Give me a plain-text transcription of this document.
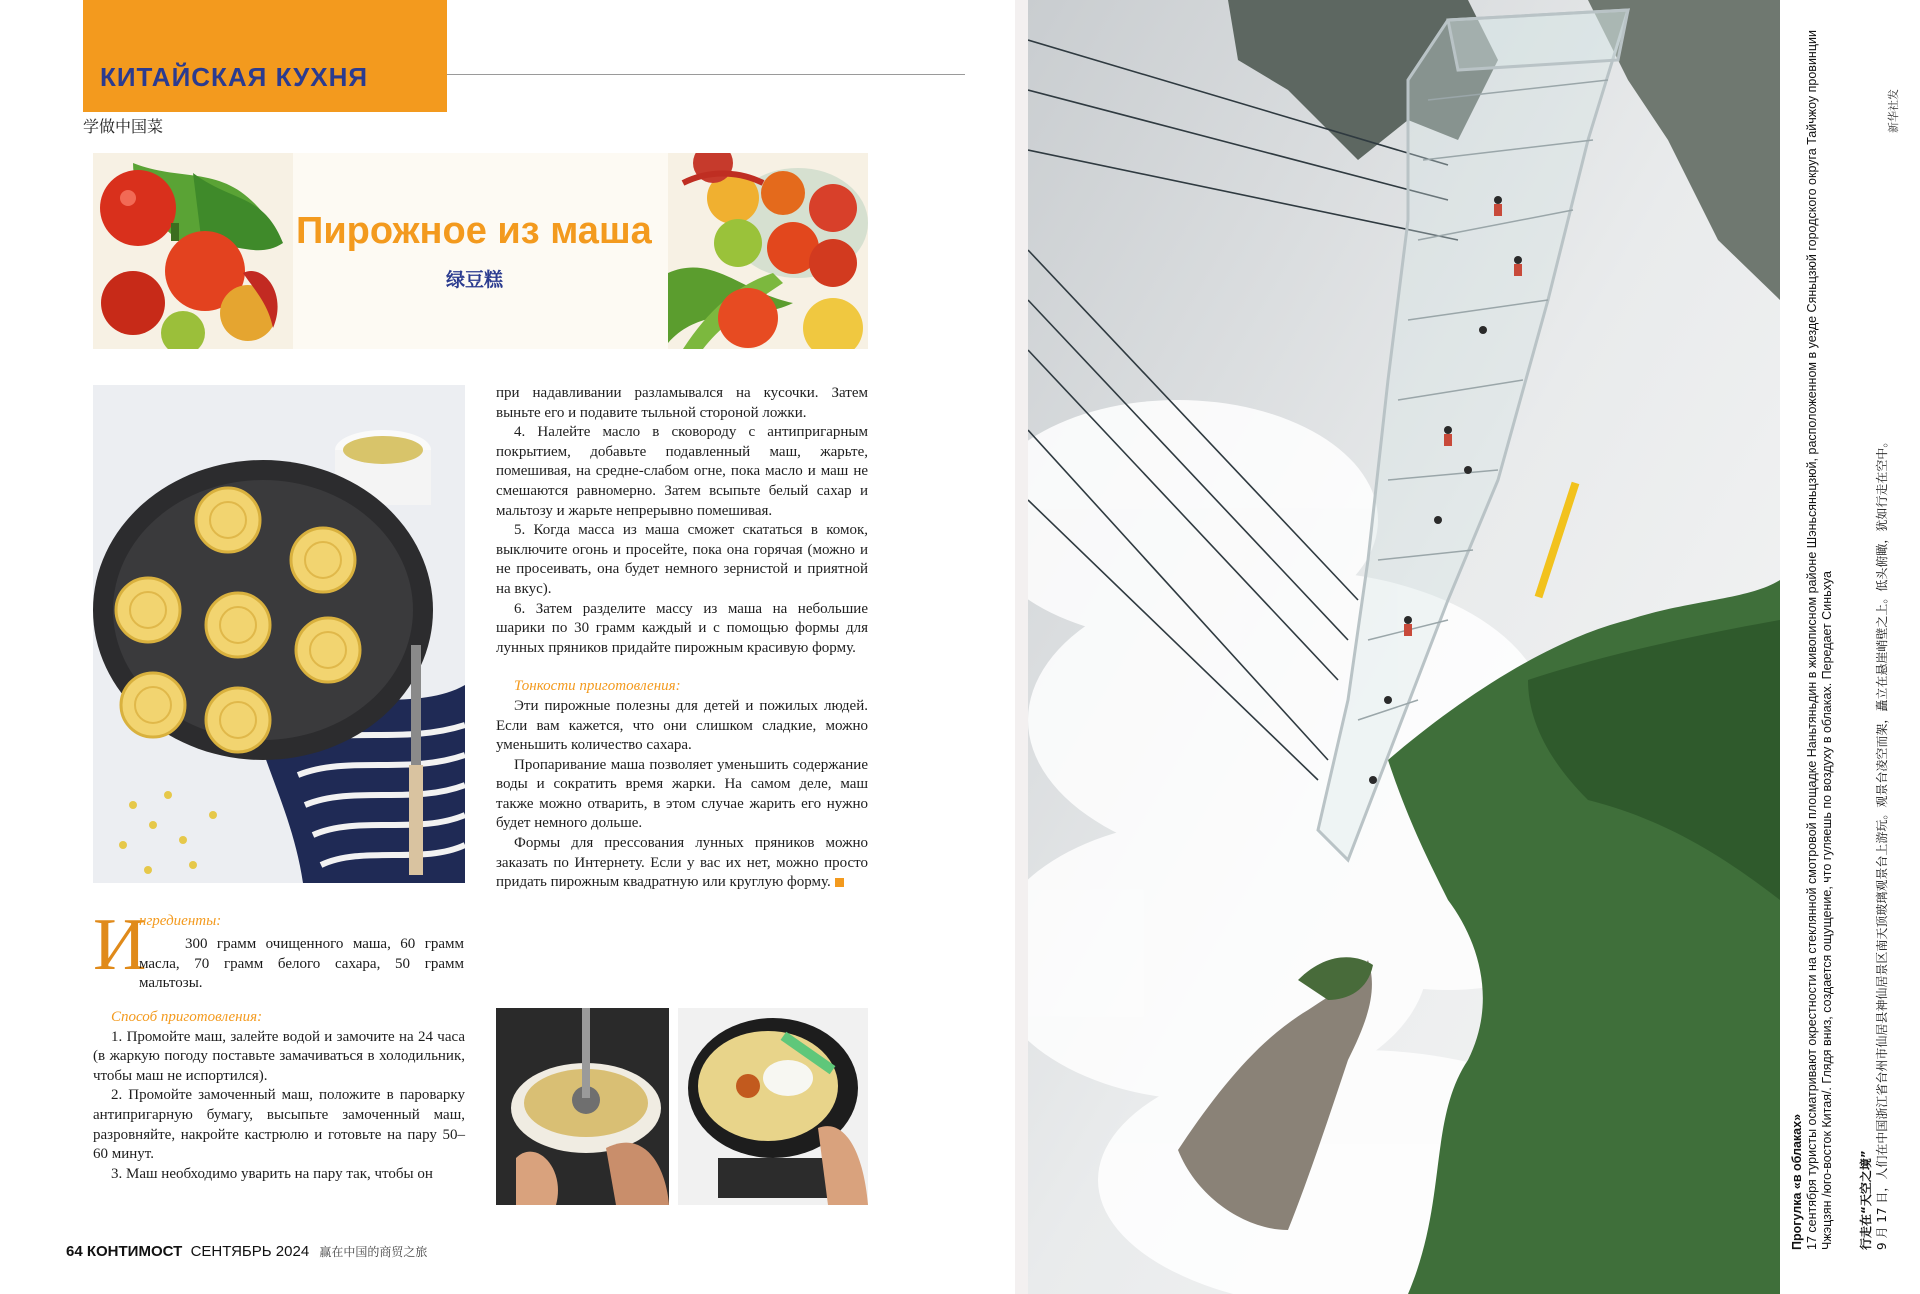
КИТАЙСКАЯ КУХНЯ
学做中国菜
Пирожное из маша
绿豆糕
И
нгредиенты:
300 грамм очищенного маша, 60 грамм масла, 70 грамм белого сахара, 50 грамм мальтозы.

Способ приготовления:

1. Промойте маш, залейте водой и замочите на 24 часа (в жаркую погоду поставьте замачиваться в холодильник, чтобы маш не испортился).

2. Промойте замоченный маш, положите в пароварку антипригарную бумагу, высыпьте замоченный маш, разровняйте, накройте кастрюлю и готовьте на пару 50–60 минут.

3. Маш необходимо уварить на пару так, чтобы он

при надавливании разламывался на кусочки. Затем выньте его и подавите тыльной стороной ложки.

4. Налейте масло в сковороду с антипригарным покрытием, добавьте подавленный маш, жарьте, помешивая, на средне-слабом огне, пока масло и маш не смешаются равномерно. Затем всыпьте белый сахар и мальтозу и жарьте непрерывно помешивая.

5. Когда масса из маша сможет скататься в комок, выключите огонь и просейте, пока она горячая (можно и не просеивать, она будет немного зернистой и приятной на вкус).

6. Затем разделите массу из маша на небольшие шарики по 30 грамм каждый и с помощью формы для лунных пряников придайте пирожным красивую форму.

Тонкости приготовления:

Эти пирожные полезны для детей и пожилых людей. Если вам кажется, что они слишком сладкие, можно уменьшить количество сахара.

Пропаривание маша позволяет уменьшить содержание воды и сократить время жарки. На самом деле, маш также можно отварить, в этом случае жарить его нужно будет немного дольше.

Формы для прессования лунных пряников можно заказать по Интернету. Если у вас их нет, можно просто придать пирожным квадратную или круглую форму.

64 КОНТИМОСТ СЕНТЯБРЬ 2024 赢在中国的商贸之旅
Прогулка «в облаках» 17 сентября туристы осматривают окрестности на стеклянной смотровой площадке Наньтяньдин в живописном районе Шэньсяньцзюй, расположенном в уезде Сяньцзюй городского округа Тайчжоу провинции Чжэцзян /юго-восток Китая/. Глядя вниз, создается ощущение, что гуляешь по воздуху в облаках. Передает Синьхуа 行走在“天空之境” 9 月 17 日，人们在中国浙江省台州市仙居县神仙居景区南天顶玻璃观景台上游玩。观景台凌空而架，矗立在悬崖峭壁之上。低头俯瞰，犹如行走在空中。
新华社发
